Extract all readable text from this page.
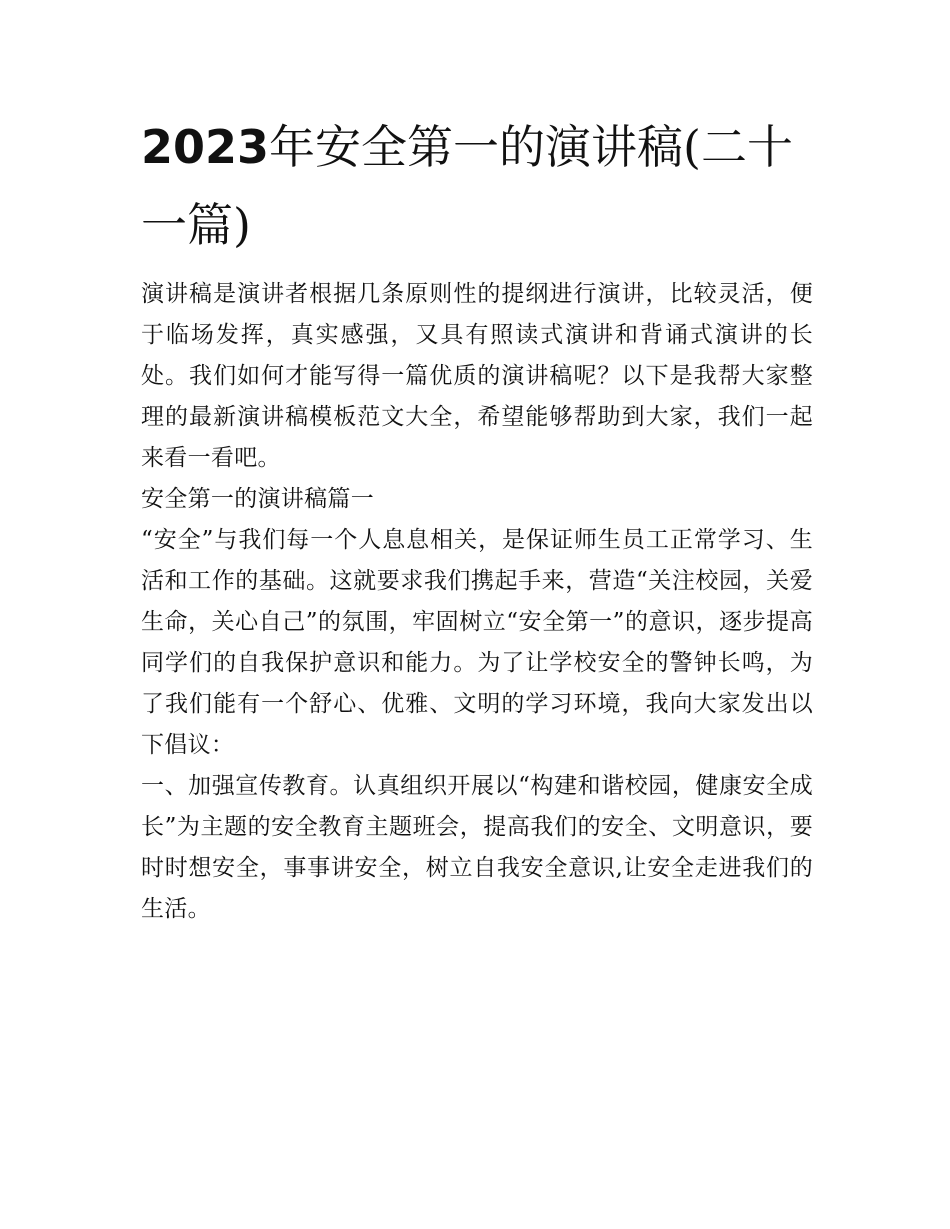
2023年安全第一的演讲稿(二十一篇)

演讲稿是演讲者根据几条原则性的提纲进行演讲，比较灵活，便于临场发挥，真实感强，又具有照读式演讲和背诵式演讲的长处。我们如何才能写得一篇优质的演讲稿呢？以下是我帮大家整理的最新演讲稿模板范文大全，希望能够帮助到大家，我们一起来看一看吧。

安全第一的演讲稿篇一

“安全”与我们每一个人息息相关，是保证师生员工正常学习、生活和工作的基础。这就要求我们携起手来，营造“关注校园，关爱生命，关心自己”的氛围，牢固树立“安全第一”的意识，逐步提高同学们的自我保护意识和能力。为了让学校安全的警钟长鸣，为了我们能有一个舒心、优雅、文明的学习环境，我向大家发出以下倡议：

一、加强宣传教育。认真组织开展以“构建和谐校园，健康安全成长”为主题的安全教育主题班会，提高我们的安全、文明意识，要时时想安全，事事讲安全，树立自我安全意识,让安全走进我们的生活。
